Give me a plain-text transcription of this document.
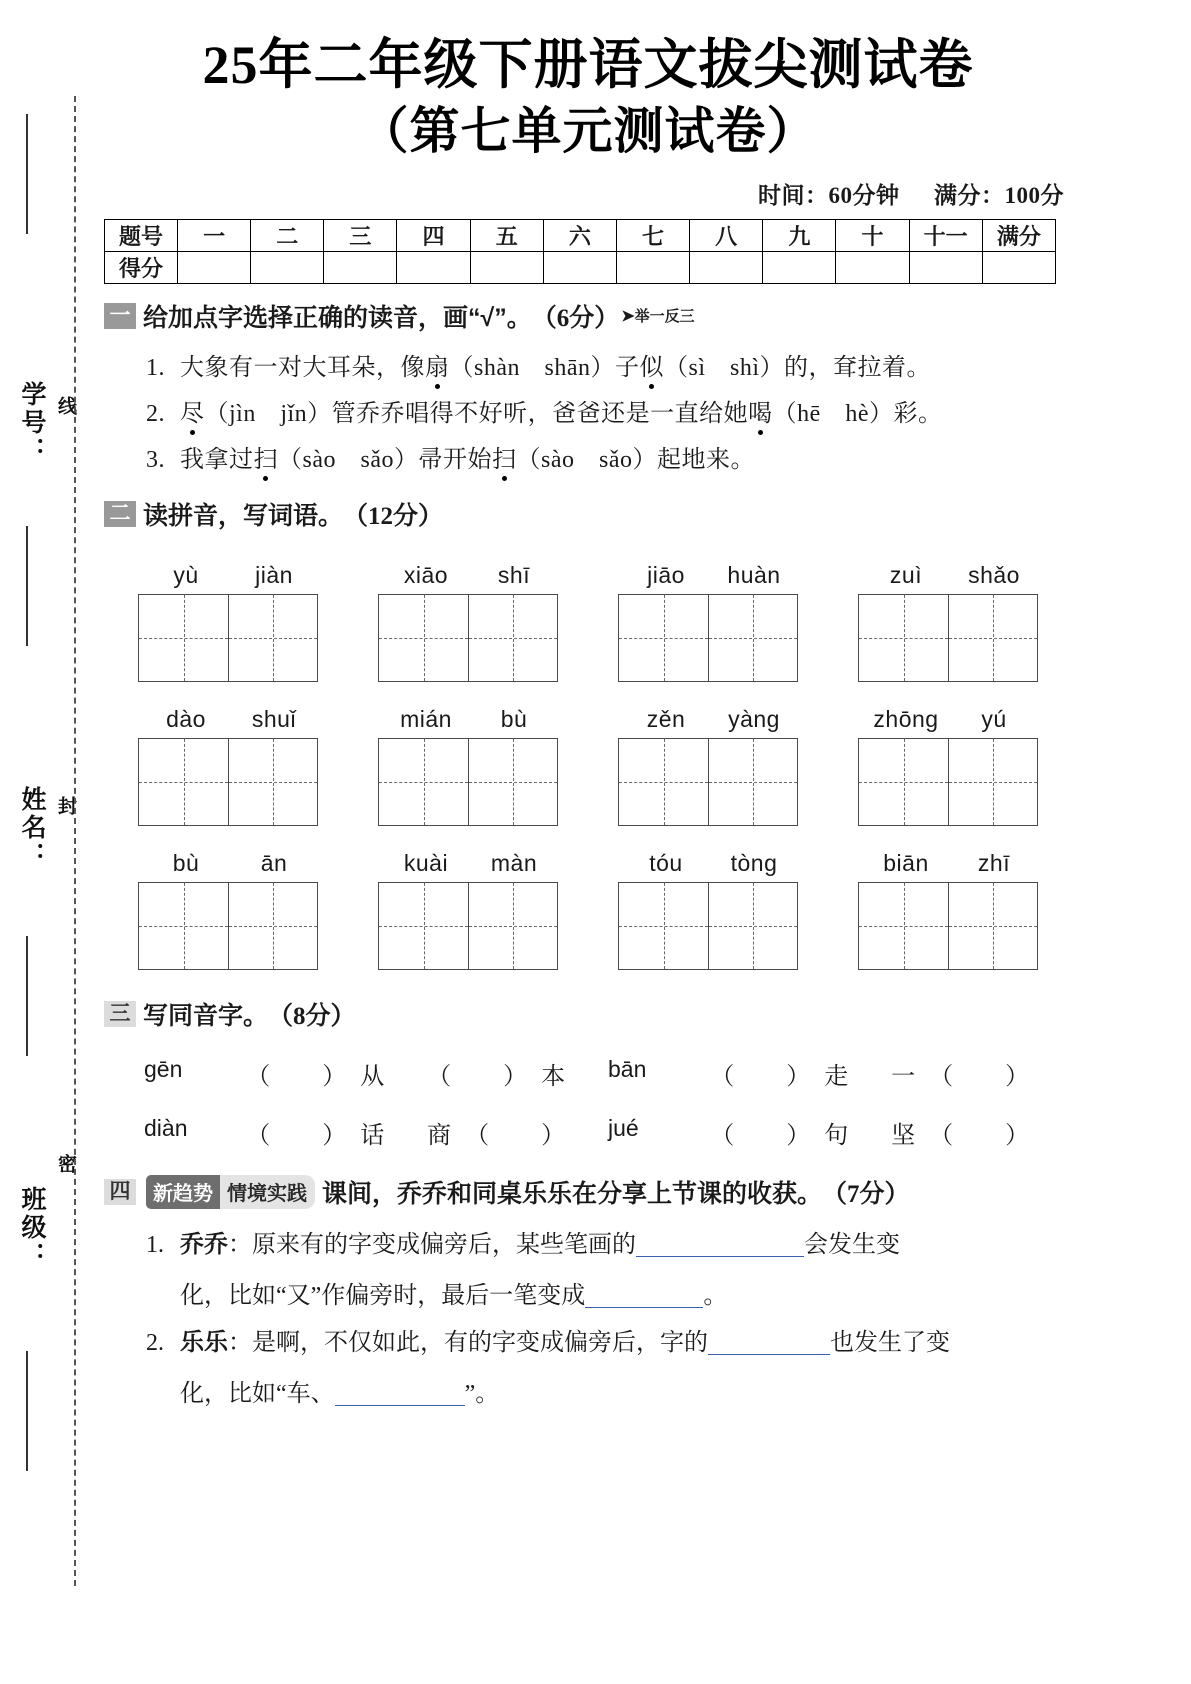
学号： 线
姓名： 封
班级：
密
25年二年级下册语文拔尖测试卷
（第七单元测试卷）
时间：60分钟 满分：100分
题号	一	二	三	四	五	六	七	八	九	十	十一	满分
得分												
一 给加点字选择正确的读音，画“√”。 （6分） ➤ 举一反三
1. 大象有一对大耳朵，像扇（shàn shān）子似（sì shì）的，耷拉着。
2. 尽（jìn jǐn）管乔乔唱得不好听，爸爸还是一直给她喝（hē hè）彩。
3. 我拿过扫（sào sǎo）帚开始扫（sào sǎo）起地来。
二 读拼音，写词语。 （12分）
yù	jiàn	xiāo	shī	jiāo	huàn	zuì	shǎo
dào	shuǐ	mián	bù	zěn	yàng	zhōng	yú
bù	ān	kuài	màn	tóu	tòng	biān	zhī
三 写同音字。 （8分）
gēn	（ ）从	（ ）本	bān	（ ）走	一（ ）
diàn	（ ）话	商（ ）	jué	（ ）句	坚（ ）
四	新趋势 情境实践 课间，乔乔和同桌乐乐在分享上节课的收获。 （7分）
1. 乔乔：原来有的字变成偏旁后，某些笔画的	会发生变
化，比如“又”作偏旁时，最后一笔变成	。
2. 乐乐：是啊，不仅如此，有的字变成偏旁后，字的	也发生了变
化，比如“车、	”。
